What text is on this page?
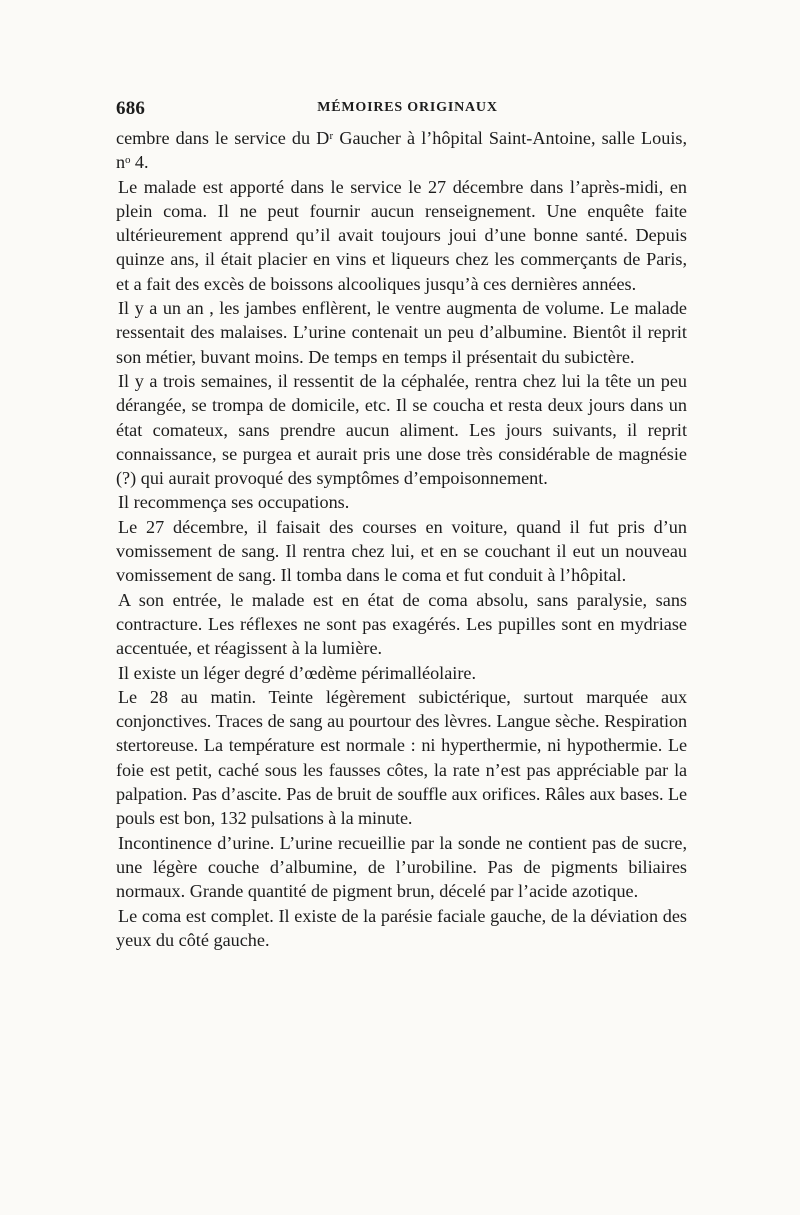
686	MÉMOIRES ORIGINAUX

cembre dans le service du Dʳ Gaucher à l’hôpital Saint-Antoine, salle Louis, nᵒ 4.

Le malade est apporté dans le service le 27 décembre dans l’après-midi, en plein coma. Il ne peut fournir aucun renseignement. Une enquête faite ultérieurement apprend qu’il avait toujours joui d’une bonne santé. Depuis quinze ans, il était placier en vins et liqueurs chez les commerçants de Paris, et a fait des excès de boissons alcooliques jusqu’à ces dernières années.

Il y a un an , les jambes enflèrent, le ventre augmenta de volume. Le malade ressentait des malaises. L’urine contenait un peu d’albumine. Bientôt il reprit son métier, buvant moins. De temps en temps il présentait du subictère.

Il y a trois semaines, il ressentit de la céphalée, rentra chez lui la tête un peu dérangée, se trompa de domicile, etc. Il se coucha et resta deux jours dans un état comateux, sans prendre aucun aliment. Les jours suivants, il reprit connaissance, se purgea et aurait pris une dose très considérable de magnésie (?) qui aurait provoqué des symptômes d’empoisonnement.

Il recommença ses occupations.

Le 27 décembre, il faisait des courses en voiture, quand il fut pris d’un vomissement de sang. Il rentra chez lui, et en se couchant il eut un nouveau vomissement de sang. Il tomba dans le coma et fut conduit à l’hôpital.

A son entrée, le malade est en état de coma absolu, sans paralysie, sans contracture. Les réflexes ne sont pas exagérés. Les pupilles sont en mydriase accentuée, et réagissent à la lumière.

Il existe un léger degré d’œdème périmalléolaire.

Le 28 au matin. Teinte légèrement subictérique, surtout marquée aux conjonctives. Traces de sang au pourtour des lèvres. Langue sèche. Respiration stertoreuse. La température est normale : ni hyperthermie, ni hypothermie. Le foie est petit, caché sous les fausses côtes, la rate n’est pas appréciable par la palpation. Pas d’ascite. Pas de bruit de souffle aux orifices. Râles aux bases. Le pouls est bon, 132 pulsations à la minute.

Incontinence d’urine. L’urine recueillie par la sonde ne contient pas de sucre, une légère couche d’albumine, de l’urobiline. Pas de pigments biliaires normaux. Grande quantité de pigment brun, décelé par l’acide azotique.

Le coma est complet. Il existe de la parésie faciale gauche, de la déviation des yeux du côté gauche.
